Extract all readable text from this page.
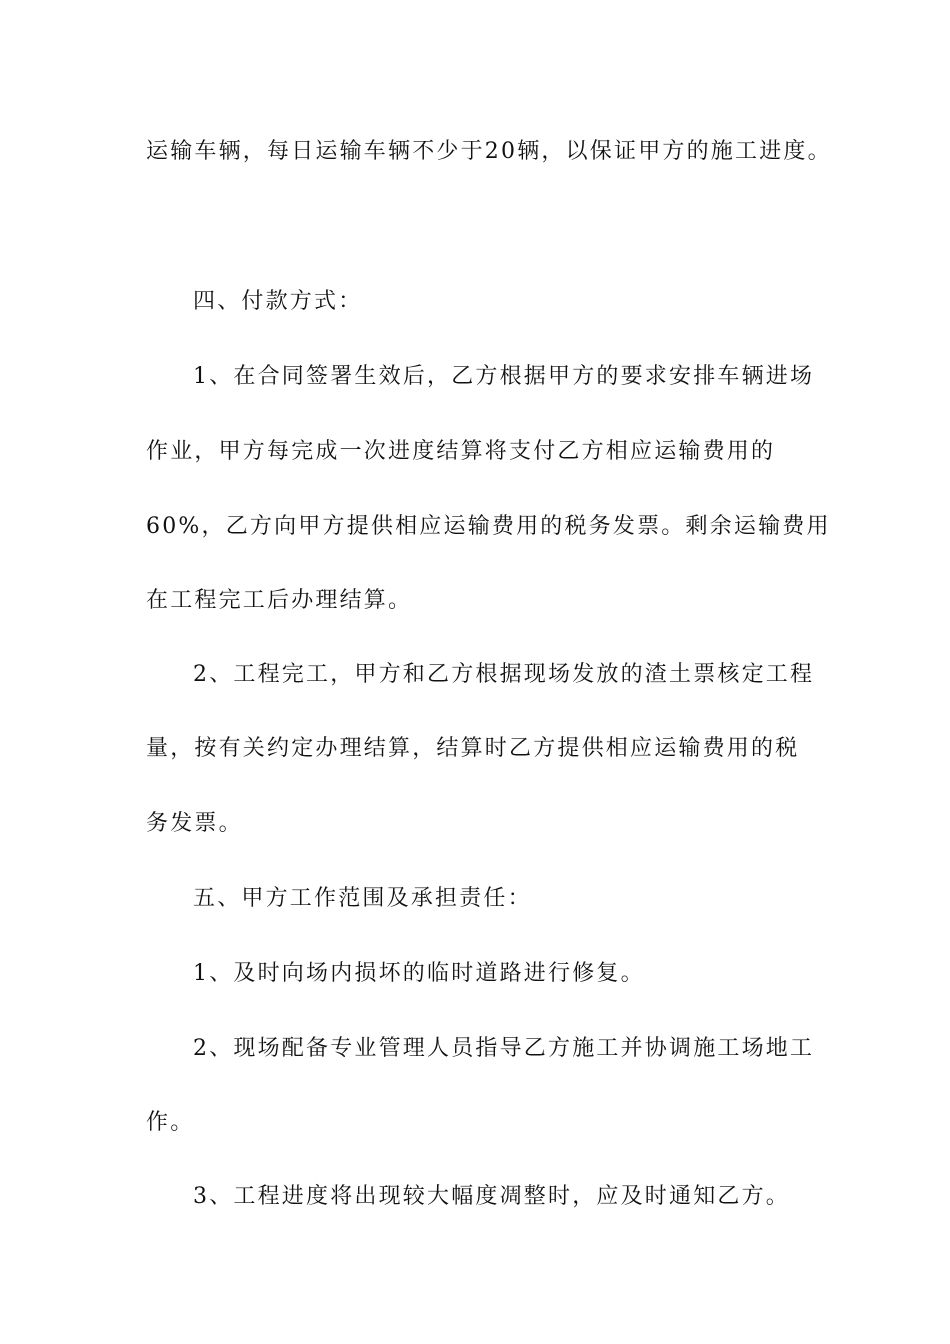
运输车辆，每日运输车辆不少于20辆，以保证甲方的施工进度。
四、付款方式：
1、在合同签署生效后，乙方根据甲方的要求安排车辆进场
作业，甲方每完成一次进度结算将支付乙方相应运输费用的
60%，乙方向甲方提供相应运输费用的税务发票。剩余运输费用
在工程完工后办理结算。
2、工程完工，甲方和乙方根据现场发放的渣土票核定工程
量，按有关约定办理结算，结算时乙方提供相应运输费用的税
务发票。
五、甲方工作范围及承担责任：
1、及时向场内损坏的临时道路进行修复。
2、现场配备专业管理人员指导乙方施工并协调施工场地工
作。
3、工程进度将出现较大幅度凋整时，应及时通知乙方。
